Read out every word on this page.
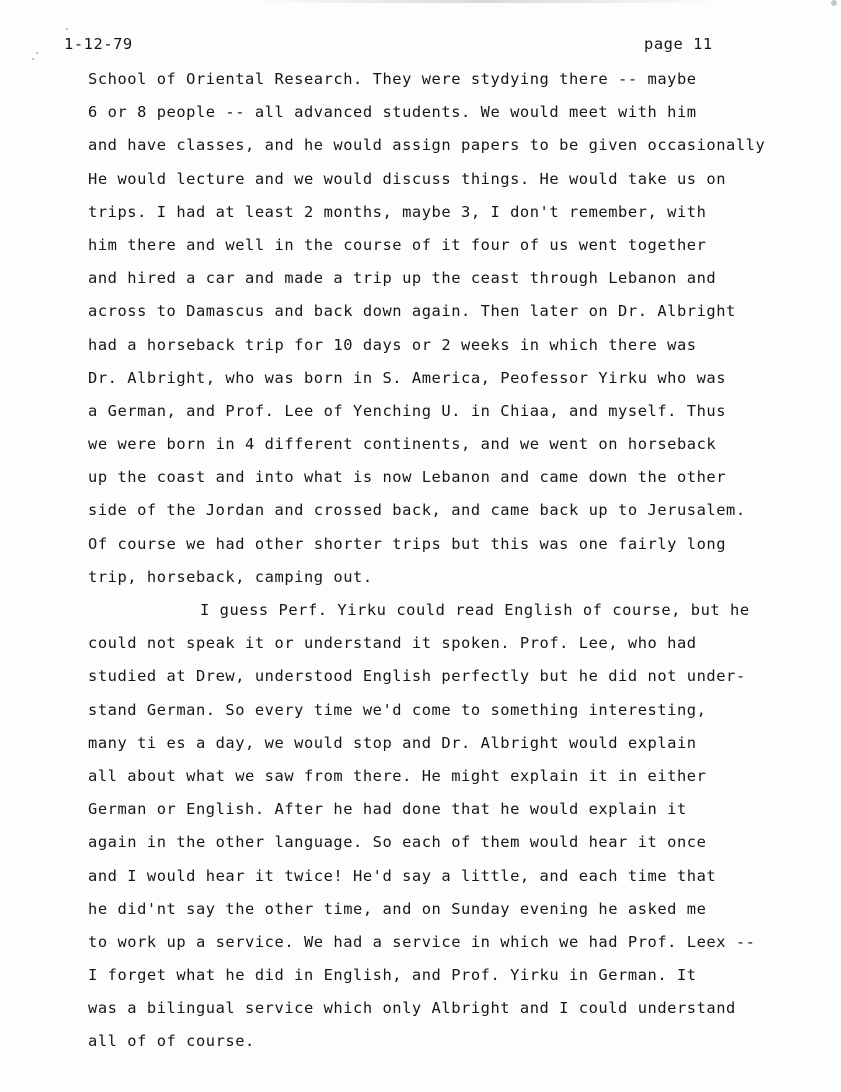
1-12-79	page 11
School of Oriental Research. They were stydying there -- maybe
6 or 8 people -- all advanced students. We would meet with him
and have classes, and he would assign papers to be given occasionally
He would lecture and we would discuss things. He would take us on
trips. I had at least 2 months, maybe 3, I don't remember, with
him there and well in the course of it four of us went together
and hired a car and made a trip up the ceast through Lebanon and
across to Damascus and back down again. Then later on Dr. Albright
had a horseback trip for 10 days or 2 weeks in which there was
Dr. Albright, who was born in S. America, Peofessor Yirku who was
a German, and Prof. Lee of Yenching U. in Chiaa, and myself. Thus
we were born in 4 different continents, and we went on horseback
up the coast and into what is now Lebanon and came down the other
side of the Jordan and crossed back, and came back up to Jerusalem.
Of course we had other shorter trips but this was one fairly long
trip, horseback, camping out.
I guess Perf. Yirku could read English of course, but he
could not speak it or understand it spoken. Prof. Lee, who had
studied at Drew, understood English perfectly but he did not under-
stand German. So every time we'd come to something interesting,
many ti es a day, we would stop and Dr. Albright would explain
all about what we saw from there. He might explain it in either
German or English. After he had done that he would explain it
again in the other language. So each of them would hear it once
and I would hear it twice! He'd say a little, and each time that
he did'nt say the other time, and on Sunday evening he asked me
to work up a service. We had a service in which we had Prof. Leex --
I forget what he did in English, and Prof. Yirku in German. It
was a bilingual service which only Albright and I could understand
all of of course.
